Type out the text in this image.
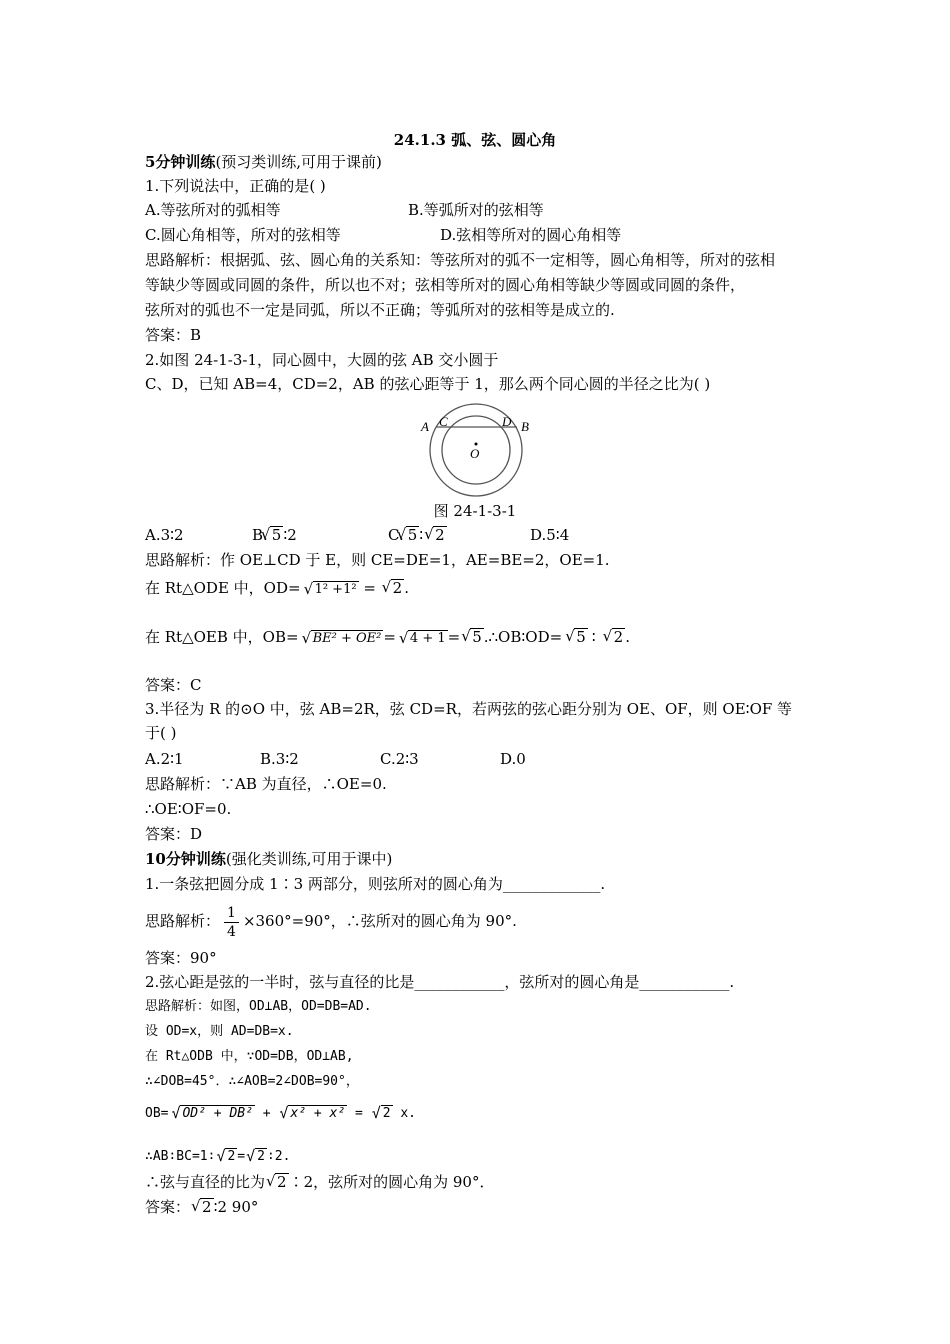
24.1.3 弧、弦、圆心角
5分钟训练(预习类训练,可用于课前)
1.下列说法中，正确的是( )
A.等弦所对的弧相等	B.等弧所对的弦相等
C.圆心角相等，所对的弦相等	D.弦相等所对的圆心角相等
思路解析：根据弧、弦、圆心角的关系知：等弦所对的弧不一定相等，圆心角相等，所对的弦相
等缺少等圆或同圆的条件，所以也不对；弦相等所对的圆心角相等缺少等圆或同圆的条件，
弦所对的弧也不一定是同弧，所以不正确；等弧所对的弦相等是成立的.
答案：B
2.如图 24-1-3-1，同心圆中，大圆的弦 AB 交小圆于
C、D，已知 AB=4，CD=2，AB 的弦心距等于 1，那么两个同心圆的半径之比为( )
A C	D B
O
图 24-1-3-1
A.3∶2	B. √ 5 ∶2	C. √ 5 ∶ √ 2	D.5∶4
思路解析：作 OE⊥CD 于 E，则 CE=DE=1，AE=BE=2，OE=1.
在 Rt△ODE 中，OD= √ 1² +1² = √ 2 .
在 Rt△OEB 中，OB= √ BE² + OE² = √ 4 + 1 = √ 5 .∴OB∶OD= √ 5 ∶ √ 2 .
答案：C
3.半径为 R 的⊙O 中，弦 AB=2R，弦 CD=R，若两弦的弦心距分别为 OE、OF，则 OE∶OF 等
于( )
A.2∶1	B.3∶2	C.2∶3	D.0
思路解析：∵AB 为直径，∴OE=0.
∴OE∶OF=0.
答案：D
10分钟训练(强化类训练,可用于课中)
1.一条弦把圆分成 1∶3 两部分，则弦所对的圆心角为_____________.
思路解析： $\frac{1}{4} \times 360^\circ=90^\circ$，∴弦所对的圆心角为 90°.
答案：90°
2.弦心距是弦的一半时，弦与直径的比是____________，弦所对的圆心角是____________.
思路解析：如图，OD⊥AB，OD=DB=AD.
设 OD=x，则 AD=DB=x.
在 Rt△ODB 中，∵OD=DB，OD⊥AB,
∴∠DOB=45°．∴∠AOB=2∠DOB=90°，
OB= √ OD² + DB² + √ x² + x² = √ 2 x.
∴AB∶BC=1∶ √ 2 = √ 2 ∶2.
∴弦与直径的比为 √ 2 ∶2，弦所对的圆心角为 90°．
答案： √ 2 ∶2 90°
